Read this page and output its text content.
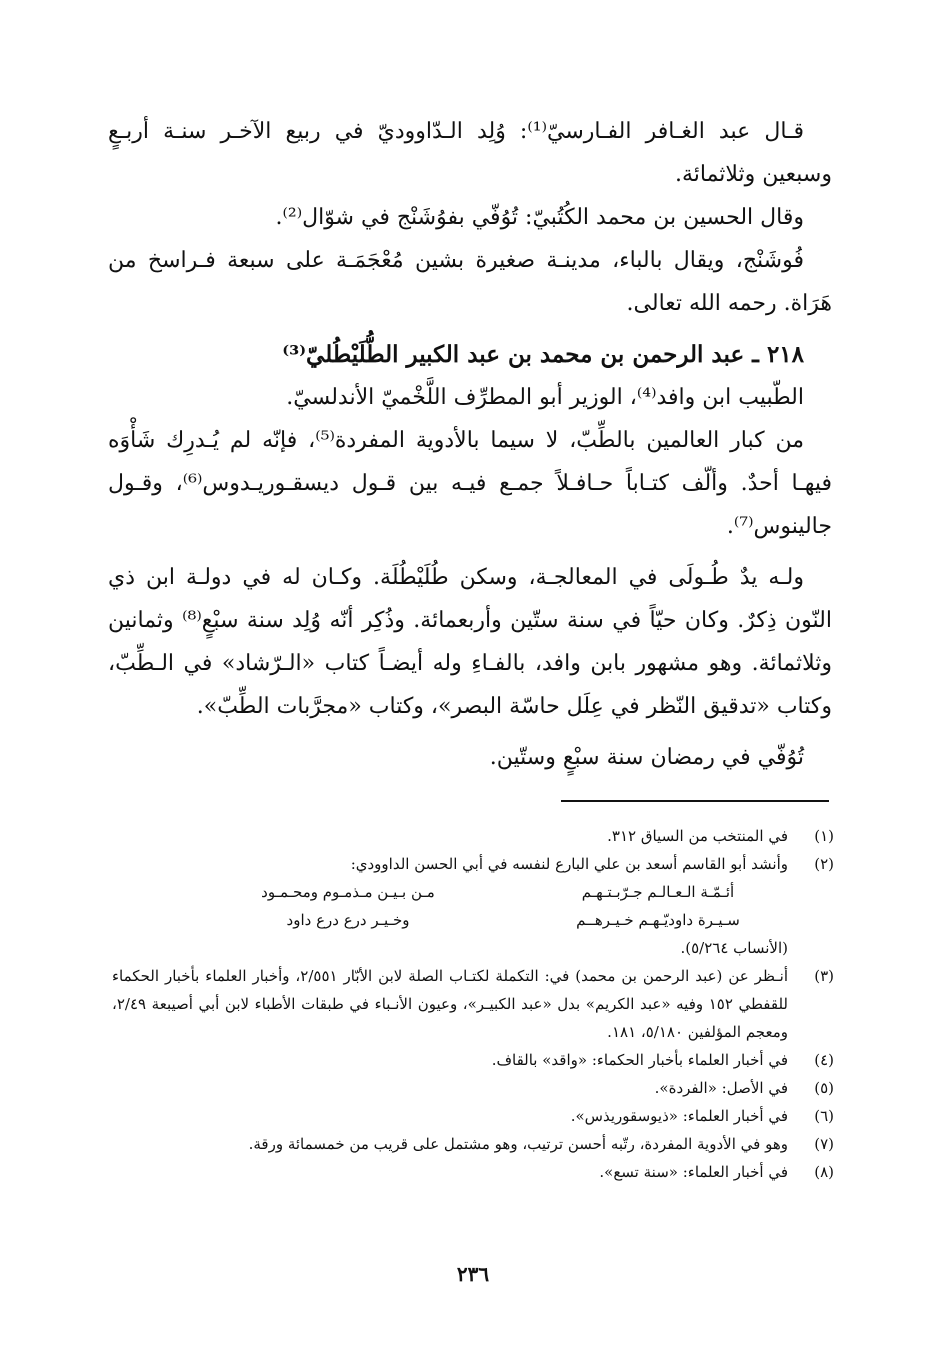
قـال عبد الغـافر الفـارسيّ⁽¹⁾: وُلِد الـدّاووديّ في ربيع الآخـر سنـة أربـعٍ وسبعين وثلاثمائة.

وقال الحسين بن محمد الكُتُبيّ: تُوُفّي بفوُشَنْج في شوّال⁽²⁾.

فُوشَنْج، ويقال بالباء، مدينـة صغيرة بشين مُعْجَمَـة على سبعة فـراسخ من هَرَاة. رحمه الله تعالى.

٢١٨ ـ عبد الرحمن بن محمد بن عبد الكبير الطُّلَيْطُليّ⁽³⁾

الطّبيب ابن وافد⁽⁴⁾، الوزير أبو المطرِّف اللَّخْميّ الأندلسيّ.

من كبار العالمين بالطِّبّ، لا سيما بالأدوية المفردة⁽⁵⁾، فإنّه لم يُـدرِك شَأْوَه فيهـا أحدٌ. وألّف كتـاباً حـافـلاً جمـع فيـه بين قـول ديسقـوريـدوس⁽⁶⁾، وقـول جالينوس⁽⁷⁾.

ولـه يدٌ طُـولَى في المعالجـة، وسكن طُلَيْطُلَة. وكـان له في دولـة ابن ذي النّون ذِكرٌ. وكان حيّاً في سنة ستّين وأربعمائة. وذُكِر أنّه وُلِد سنة سبْعٍ⁽⁸⁾ وثمانين وثلاثمائة. وهو مشهور بابن وافد، بالفـاءِ وله أيضـاً كتاب «الـرّشاد» في الـطِّبّ، وكتاب «تدقيق النّظر في عِلَل حاسّة البصر»، وكتاب «مجرَّبات الطِّبّ».

تُوُفّي في رمضان سنة سبْعٍ وستّين.

(١)
في المنتخب من السياق ٣١٢.
(٢)
وأنشد أبو القاسم أسعد بن علي البارع لنفسه في أبي الحسن الداوودي:
أئـمّـة الـعـالـم جـرّبـتـهـم
مـن بـيـن مـذمـوم ومحـمـود
سـيـرة داوديّـهـم خـيـرهــم
وخـيـر درع درع داود
(الأنساب ٥/٢٦٤).
(٣)
أنـظر عن (عبد الرحمن بن محمد) في: التكملة لكتـاب الصلة لابن الأبّار ٢/٥٥١، وأخبار العلماء بأخبار الحكماء للقفطي ١٥٢ وفيه «عبد الكريم» بدل «عبد الكبيـر»، وعيون الأنـباء في طبقات الأطباء لابن أبي أصيبعة ٢/٤٩، ومعجم المؤلفين ٥/١٨٠، ١٨١.
(٤)
في أخبار العلماء بأخبار الحكماء: «واقد» بالقاف.
(٥)
في الأصل: «الفردة».
(٦)
في أخبار العلماء: «ذيوسقوريذس».
(٧)
وهو في الأدوية المفردة، رتّبه أحسن ترتيب، وهو مشتمل على قريب من خمسمائة ورقة.
(٨)
في أخبار العلماء: «سنة تسع».
٢٣٦
